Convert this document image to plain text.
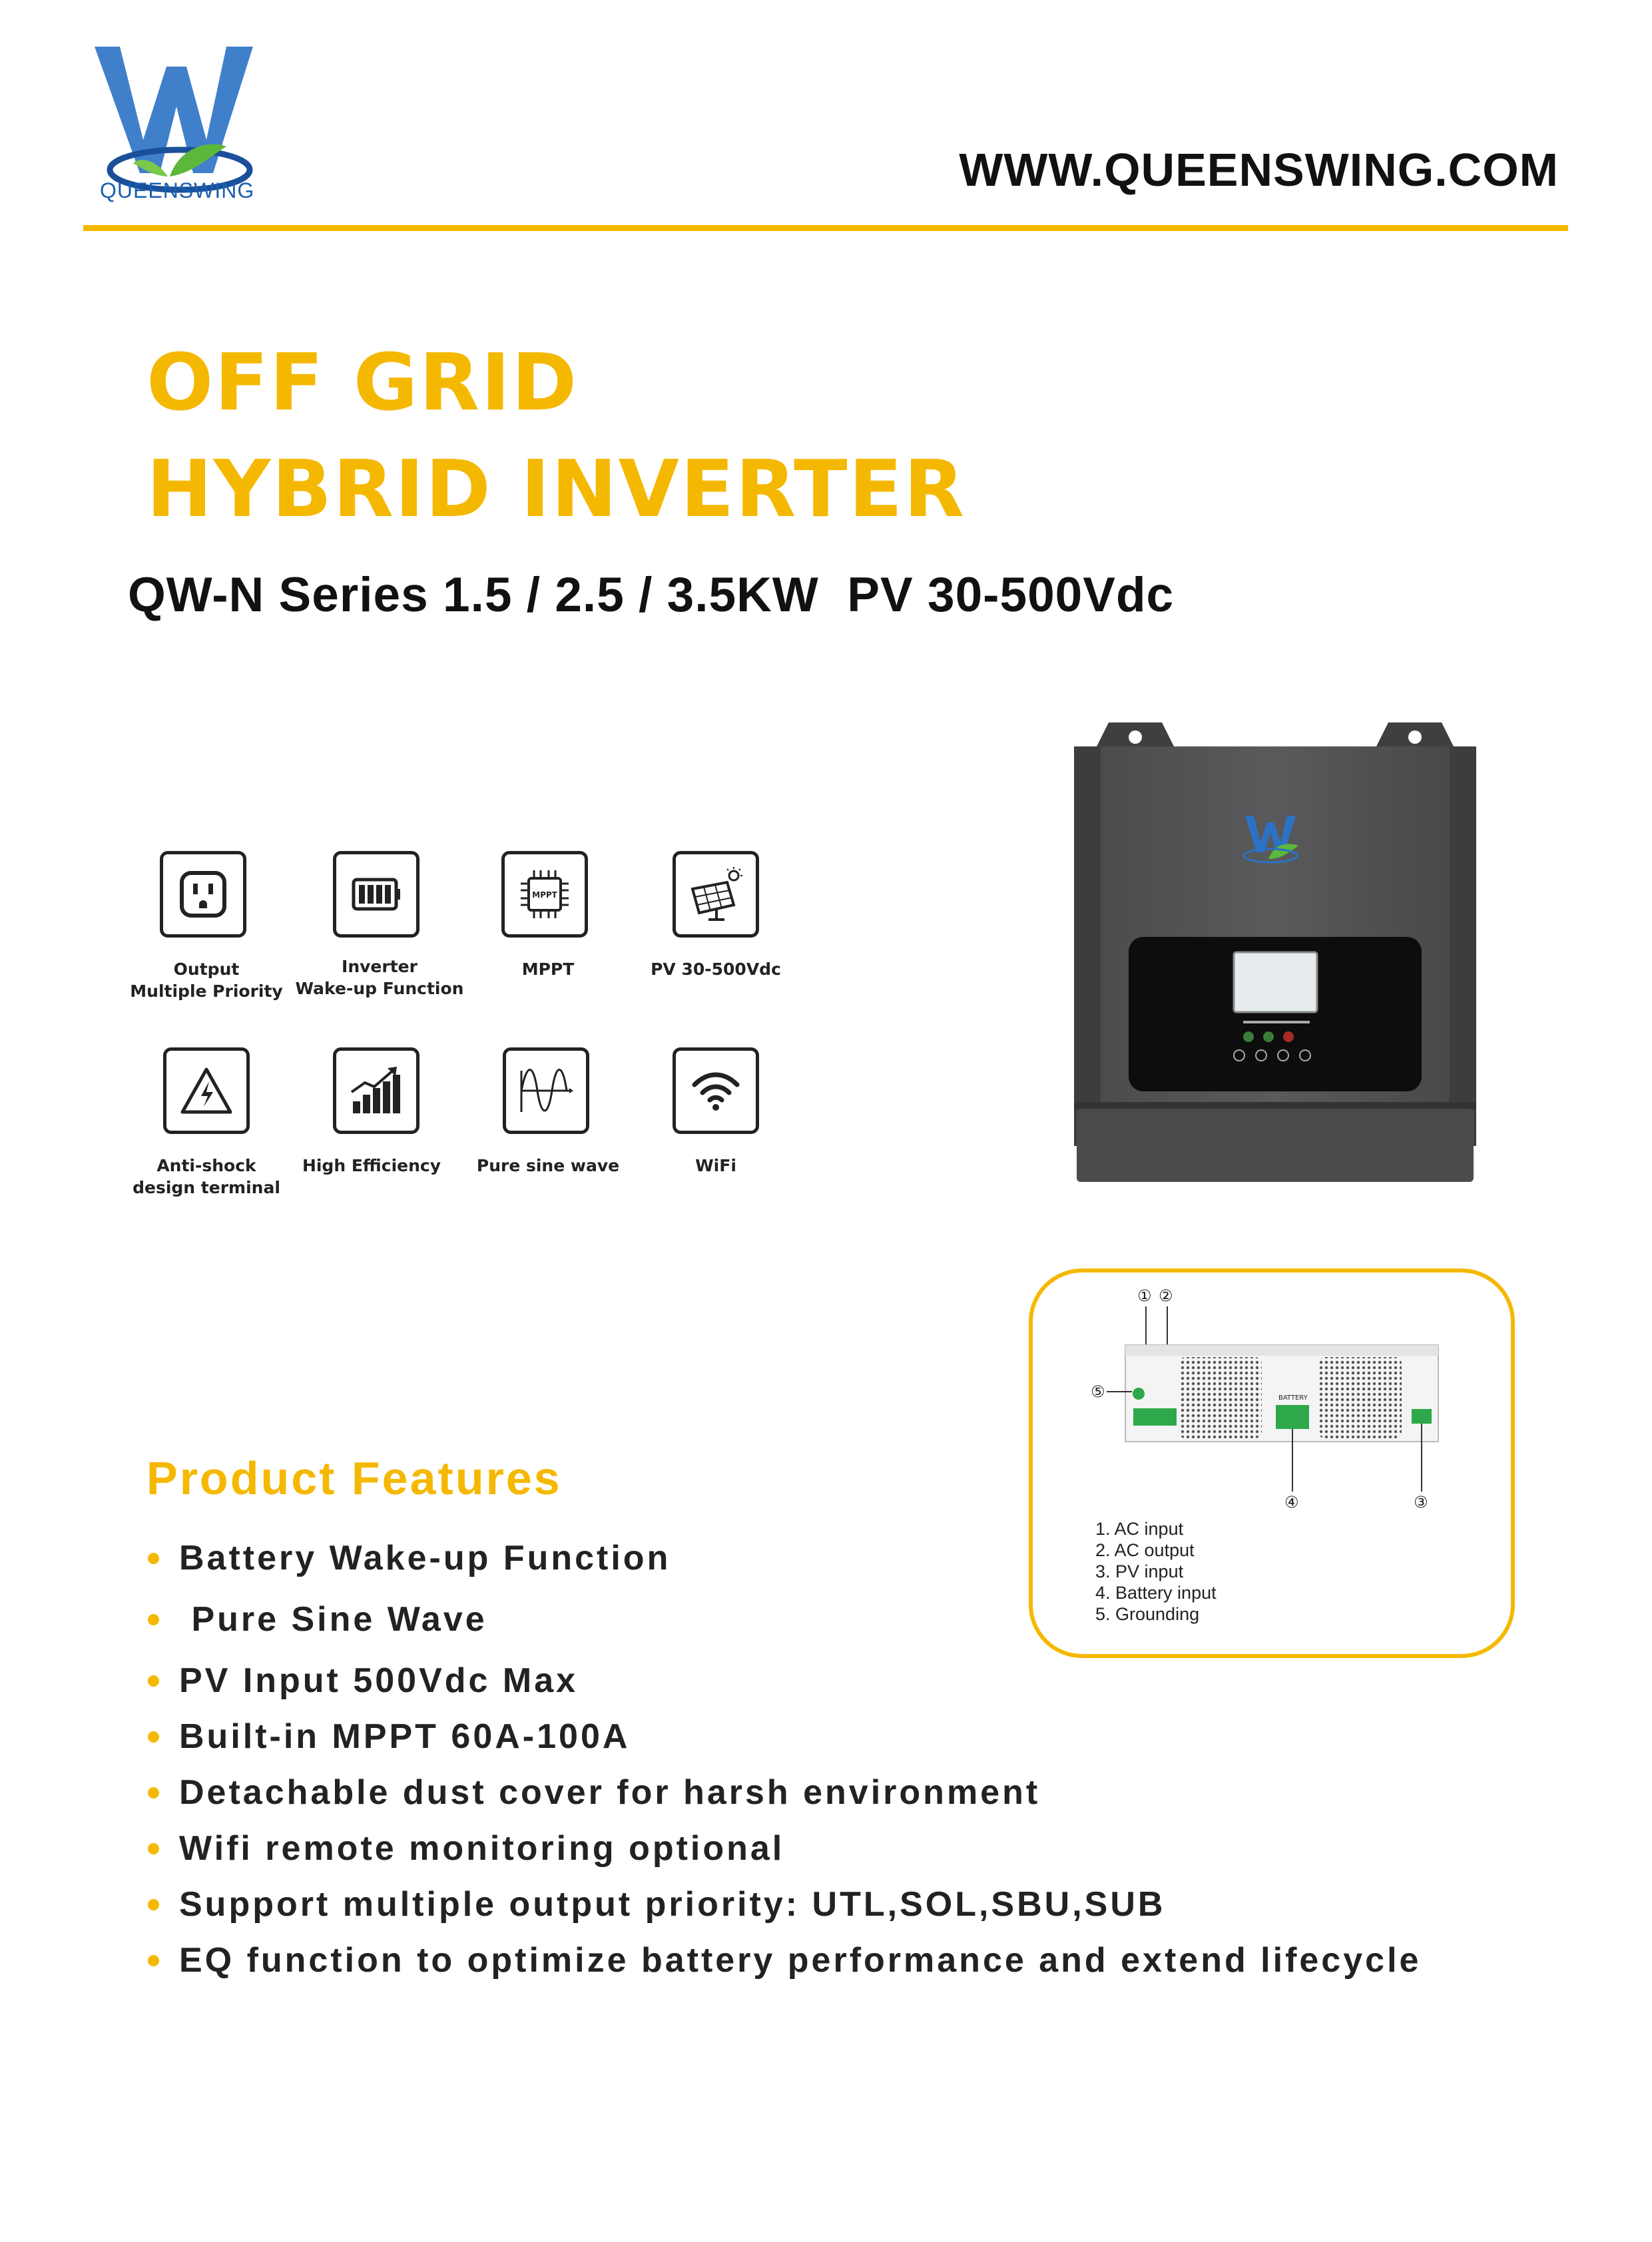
QUEENSWING	WWW.QUEENSWING.COM
OFF GRID
HYBRID INVERTER
QW-N Series 1.5 / 2.5 / 3.5KW  PV 30-500Vdc
Output
Multiple Priority
Inverter
Wake-up Function
MPPT
MPPT	PV 30-500Vdc
Anti-shock
design terminal
High Efficiency	Pure sine wave	WiFi
① ②
BATTERY
⑤
④	③
1. AC input
2. AC output
3. PV input
4. Battery input
5. Grounding
Product Features
Battery Wake-up Function
Pure Sine Wave
PV Input 500Vdc Max
Built-in MPPT 60A-100A
Detachable dust cover for harsh environment
Wifi remote monitoring optional
Support multiple output priority: UTL,SOL,SBU,SUB
EQ function to optimize battery performance and extend lifecycle
